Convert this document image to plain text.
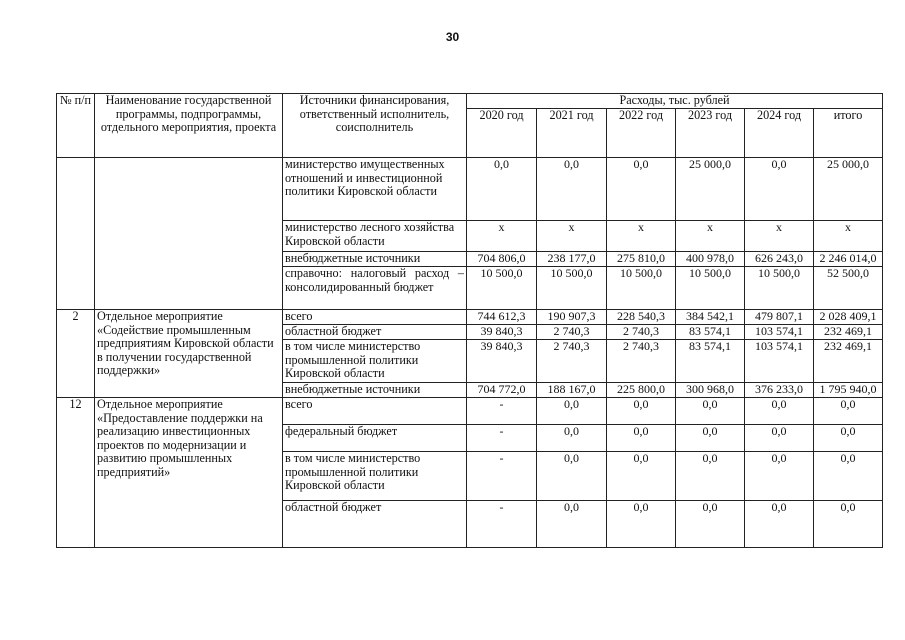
30
№ п/п	Наименование государственной программы, подпрограммы, отдельного мероприятия, проекта	Источники финансирования, ответственный исполнитель, соисполнитель	Расходы, тыс. рублей					
			2020 год	2021 год	2022 год	2023 год	2024 год	итого
		министерство имущественных отношений и инвестиционной политики Кировской области	0,0	0,0	0,0	25 000,0	0,0	25 000,0
		министерство лесного хозяйства Кировской области	x	x	x	x	x	x
		внебюджетные источники	704 806,0	238 177,0	275 810,0	400 978,0	626 243,0	2 246 014,0
		справочно: налоговый расход – консолидированный бюджет	10 500,0	10 500,0	10 500,0	10 500,0	10 500,0	52 500,0
2	Отдельное мероприятие «Содействие промышленным предприятиям Кировской области в получении государственной поддержки»	всего	744 612,3	190 907,3	228 540,3	384 542,1	479 807,1	2 028 409,1
		областной бюджет	39 840,3	2 740,3	2 740,3	83 574,1	103 574,1	232 469,1
		в том числе министерство промышленной политики Кировской области	39 840,3	2 740,3	2 740,3	83 574,1	103 574,1	232 469,1
		внебюджетные источники	704 772,0	188 167,0	225 800,0	300 968,0	376 233,0	1 795 940,0
12	Отдельное мероприятие «Предоставление поддержки на реализацию инвестиционных проектов по модернизации и развитию промышленных предприятий»	всего	-	0,0	0,0	0,0	0,0	0,0
		федеральный бюджет	-	0,0	0,0	0,0	0,0	0,0
		в том числе министерство промышленной политики Кировской области	-	0,0	0,0	0,0	0,0	0,0
		областной бюджет	-	0,0	0,0	0,0	0,0	0,0
